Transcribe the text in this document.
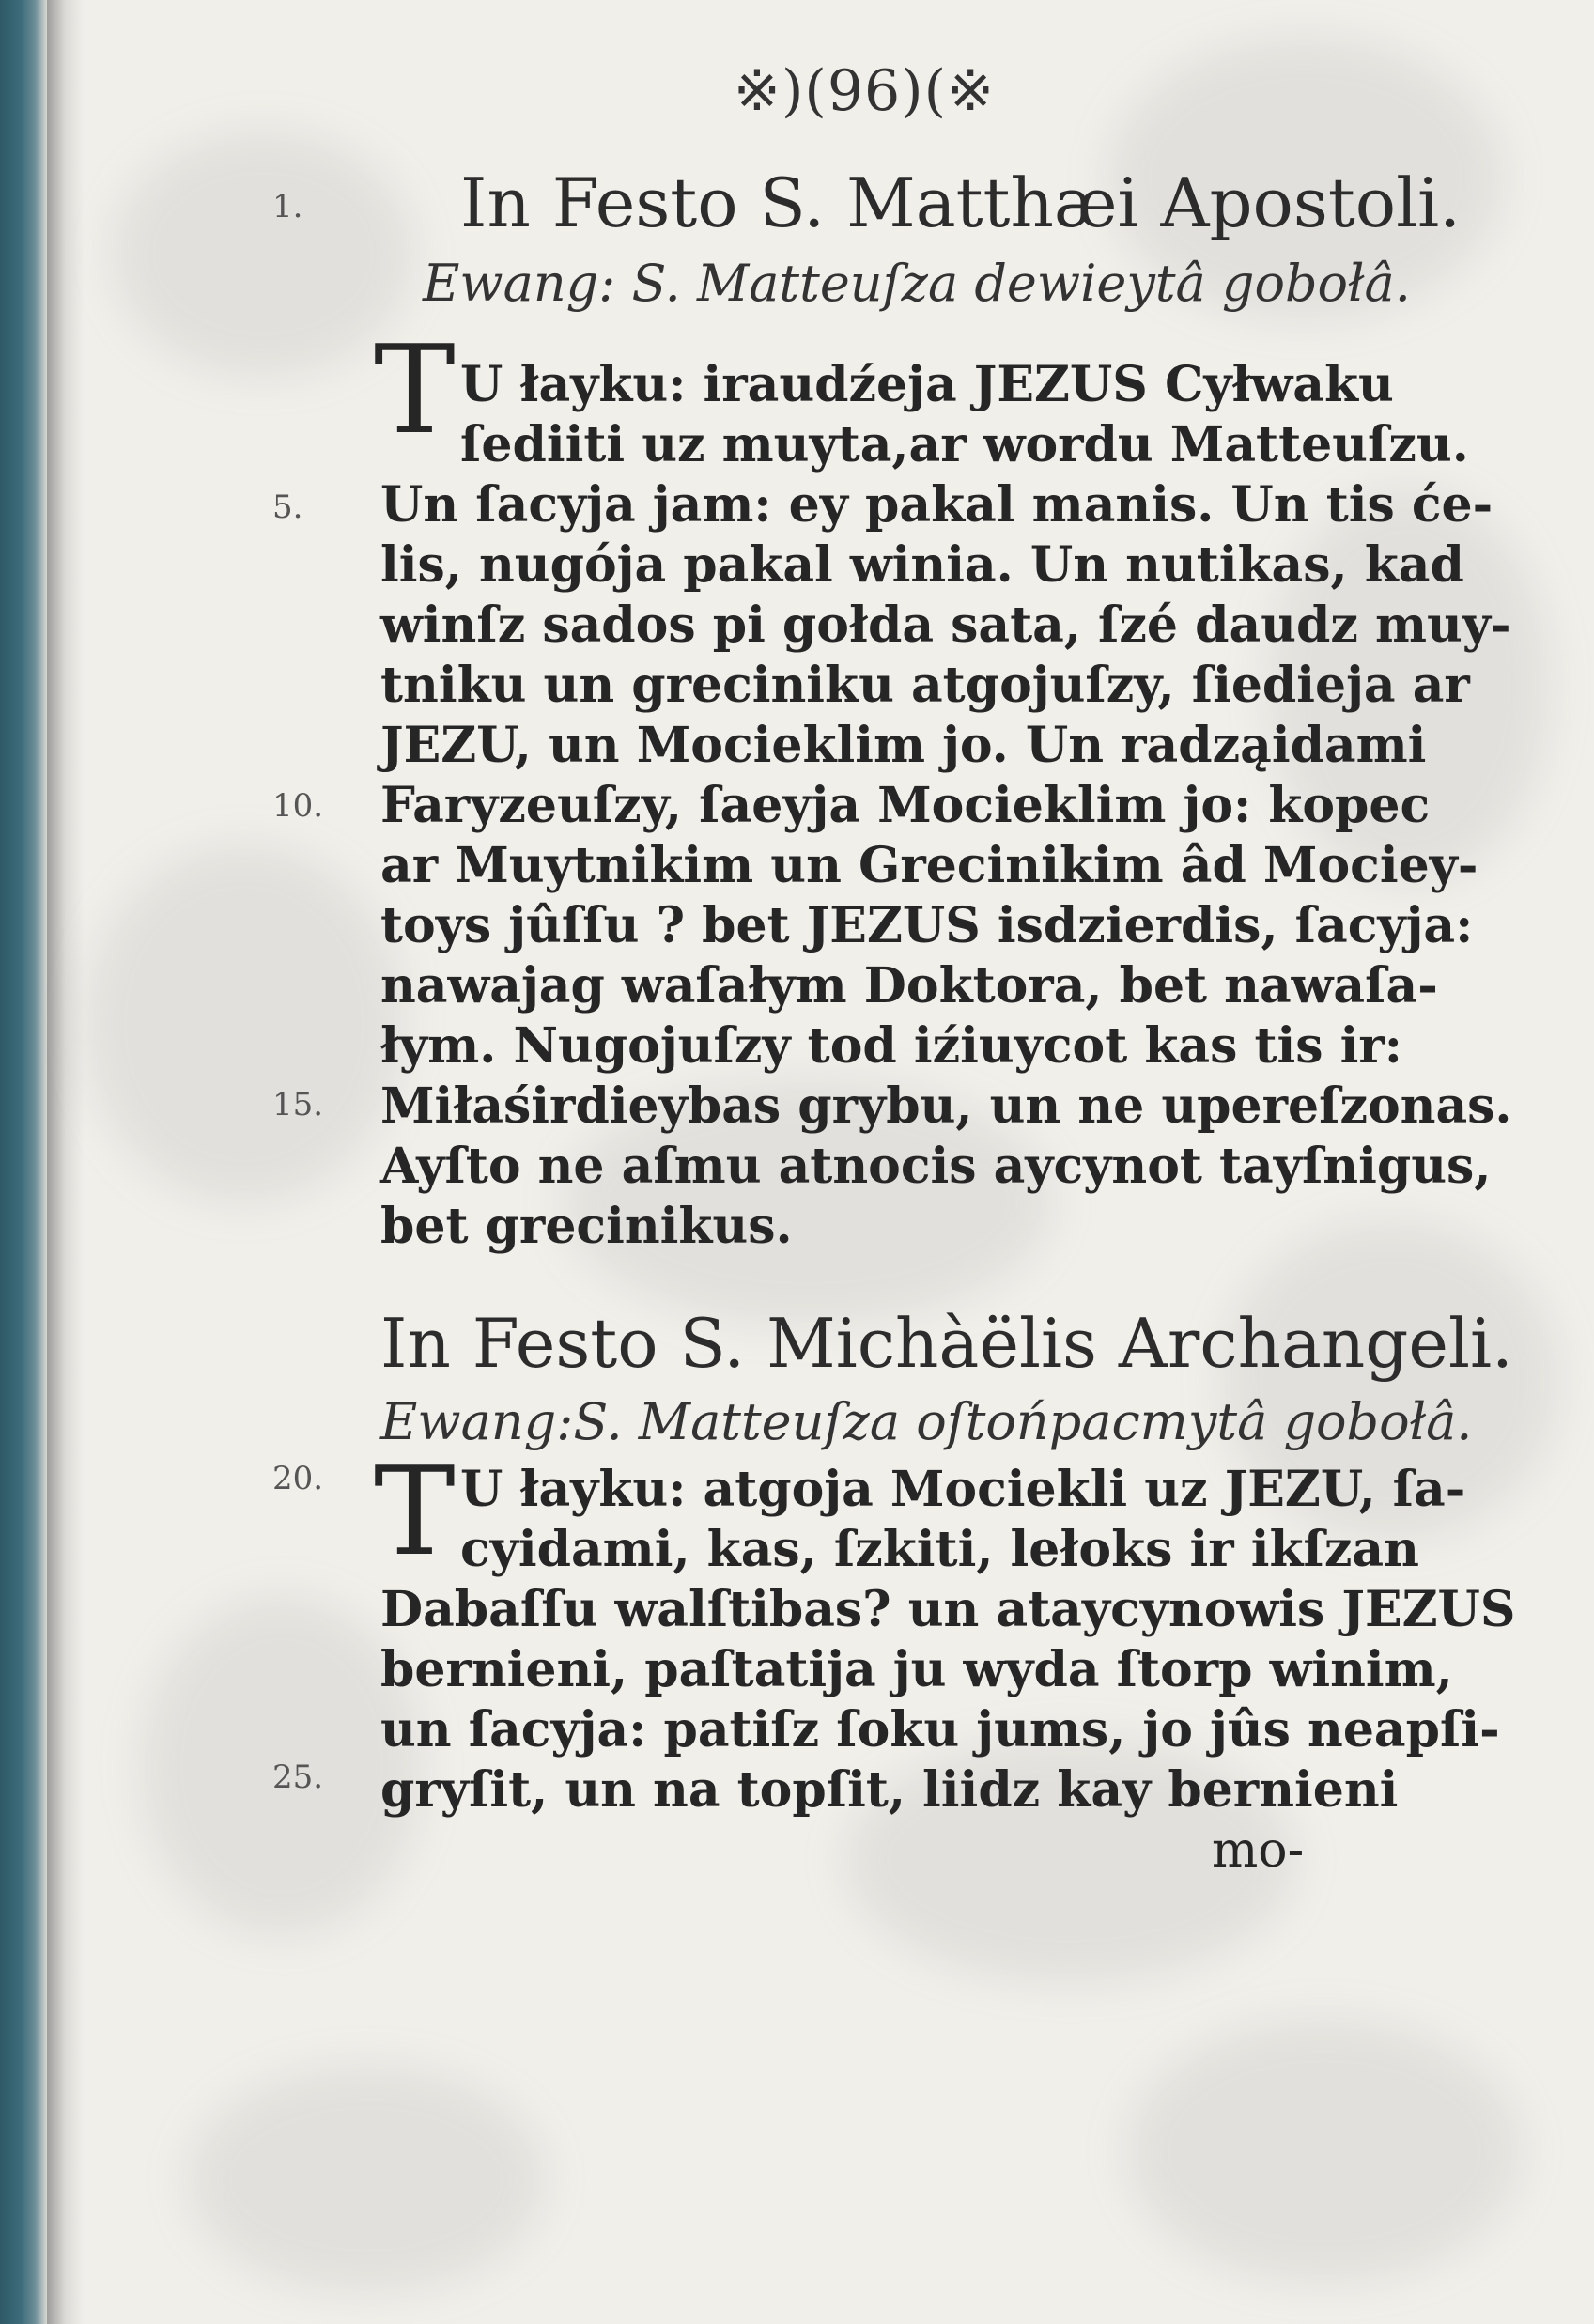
※)(96)(※
1.
5.
10.
15.
20.
25.
In Festo S. Matthæi Apostoli.
Ewang: S. Matteuſza dewieytâ gobołâ.
T U łayku: iraudźeja JEZUS Cyłwaku
ſediiti uz muyta,ar wordu Matteuſzu.
Un ſacyja jam: ey pakal manis. Un tis će-
lis, nugója pakal winia. Un nutikas, kad
winſz sados pi gołda sata, ſzé daudz muy-
tniku un greciniku atgojuſzy, ſiedieja ar
JEZU, un Mocieklim jo. Un radząidami
Faryzeuſzy, ſaeyja Mocieklim jo: kopec
ar Muytnikim un Grecinikim âd Mociey-
toys jûſſu ? bet JEZUS isdzierdis, ſacyja:
nawajag waſałym Doktora, bet nawaſa-
łym. Nugojuſzy tod iźiuycot kas tis ir:
Miłaśirdieybas grybu, un ne upereſzonas.
Ayſto ne aſmu atnocis aycynot tayſnigus,
bet grecinikus.
In Festo S. Michàëlis Archangeli.
Ewang:S. Matteuſza oſtońpacmytâ gobołâ.
T U łayku: atgoja Mociekli uz JEZU, ſa-
cyidami, kas, ſzkiti, lełoks ir ikſzan
Dabaſſu walſtibas? un ataycynowis JEZUS
bernieni, paſtatija ju wyda ſtorp winim,
un ſacyja: patiſz ſoku jums, jo jûs neapſi-
gryſit, un na topſit, liidz kay bernieni
mo-
